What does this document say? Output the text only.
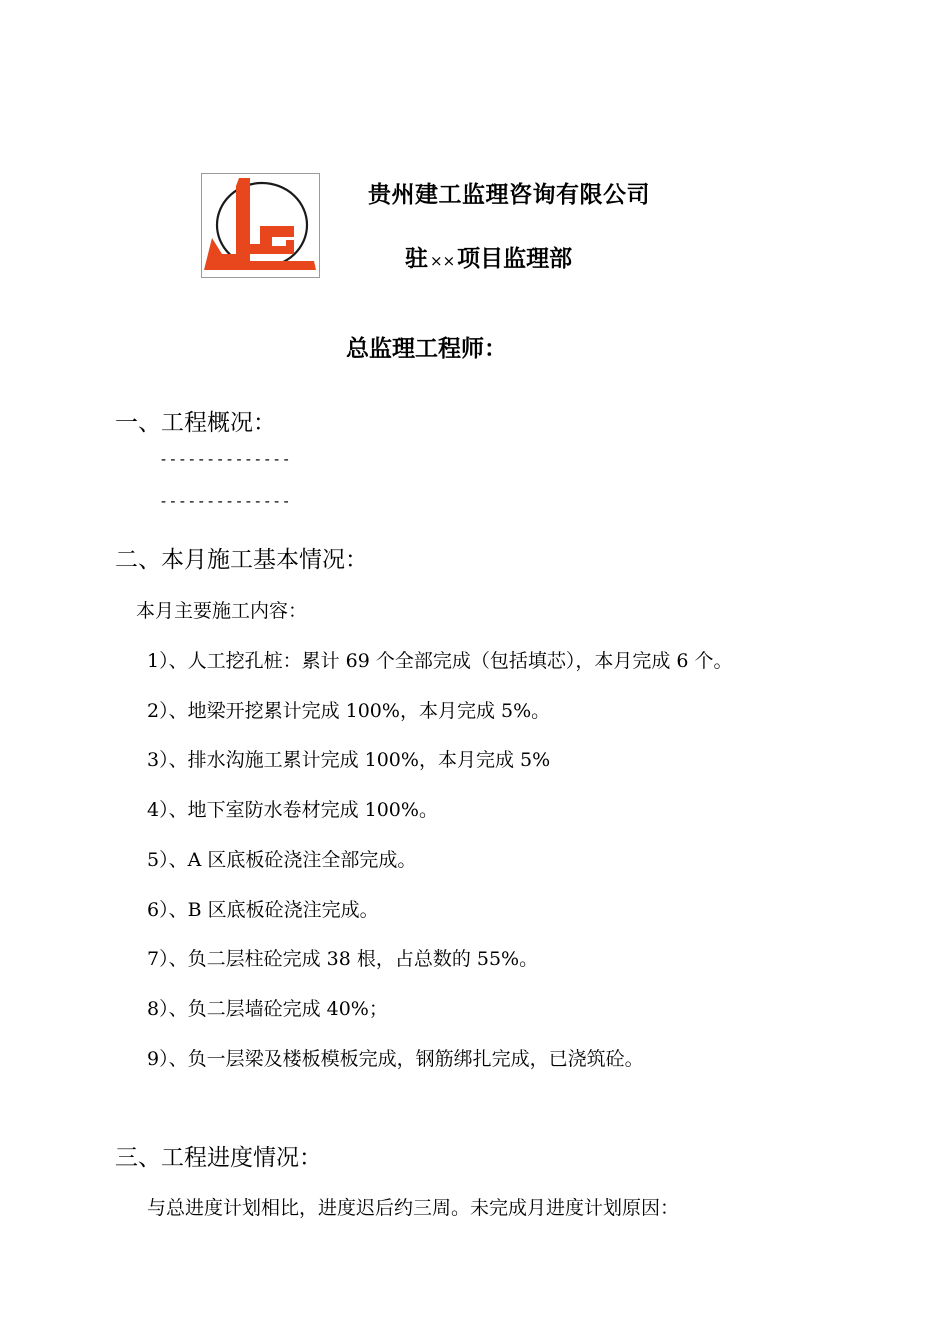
贵州建工监理咨询有限公司
驻 ××项目监理部
总监理工程师：
一、工程概况：
--------------
--------------
二、本月施工基本情况：
本月主要施工内容：
1）、人工挖孔桩：累计 69 个全部完成（包括填芯），本月完成 6 个。
2）、地梁开挖累计完成 100%，本月完成 5%。
3）、排水沟施工累计完成 100%，本月完成 5%
4）、地下室防水卷材完成 100%。
5）、A 区底板砼浇注全部完成。
6）、B 区底板砼浇注完成。
7）、负二层柱砼完成 38 根，占总数的 55%。
8）、负二层墙砼完成 40%；
9）、负一层梁及楼板模板完成，钢筋绑扎完成，已浇筑砼。
三、工程进度情况：
与总进度计划相比，进度迟后约三周。未完成月进度计划原因：
